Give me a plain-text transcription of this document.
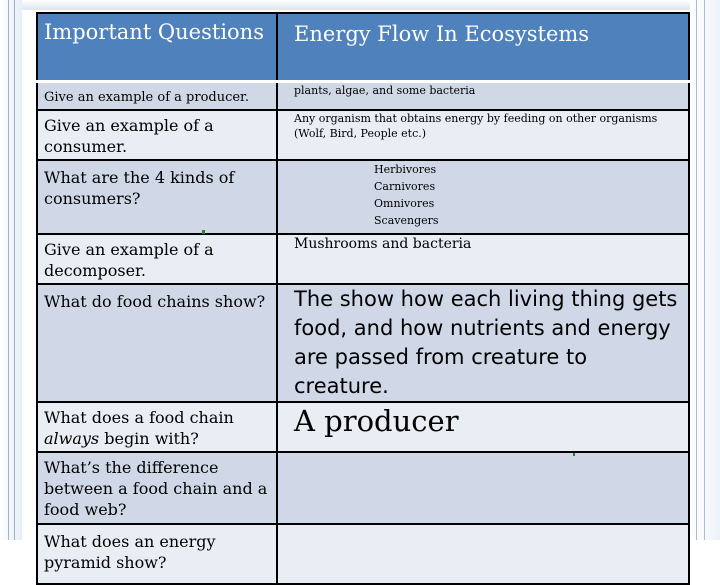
Important Questions	Energy Flow In Ecosystems
Give an example of a producer.	plants, algae, and some bacteria
Give an example of a consumer.	Any organism that obtains energy by feeding on other organisms (Wolf, Bird, People etc.)
What are the 4 kinds of consumers?	Herbivores
Carnivores
Omnivores
Scavengers

Give an example of a decomposer.	Mushrooms and bacteria
What do food chains show?	The show how each living thing gets food, and how nutrients and energy are passed from creature to creature.
What does a food chain always begin with?	A producer
What’s the difference between a food chain and a food web?	
What does an energy pyramid show?	
